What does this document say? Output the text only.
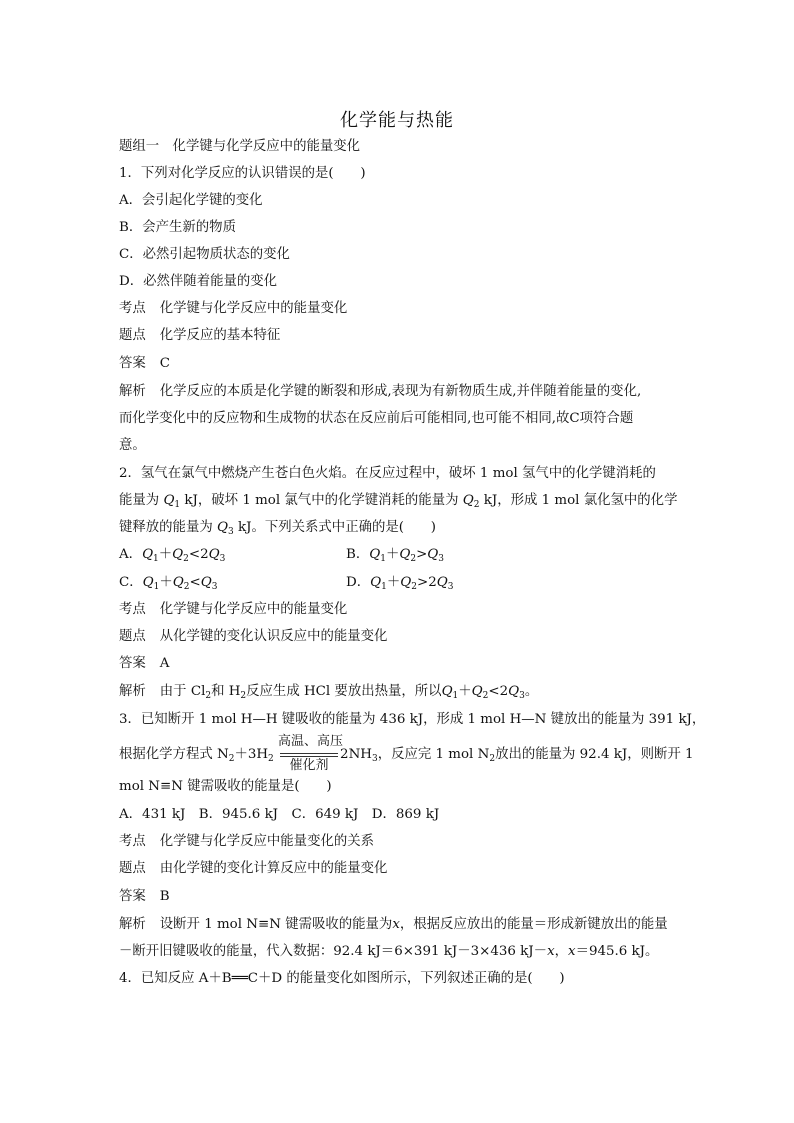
化学能与热能
题组一　化学键与化学反应中的能量变化
1．下列对化学反应的认识错误的是(　　)
A．会引起化学键的变化
B．会产生新的物质
C．必然引起物质状态的变化
D．必然伴随着能量的变化
考点 化学键与化学反应中的能量变化
题点 化学反应的基本特征
答案 C
解析 化学反应的本质是化学键的断裂和形成,表现为有新物质生成,并伴随着能量的变化,
而化学变化中的反应物和生成物的状态在反应前后可能相同,也可能不相同,故C项符合题
意。
2．氢气在氯气中燃烧产生苍白色火焰。在反应过程中，破坏 1 mol 氢气中的化学键消耗的
能量为 $Q_1$ kJ，破坏 1 mol 氯气中的化学键消耗的能量为 $Q_2$ kJ，形成 1 mol 氯化氢中的化学
键释放的能量为 $Q_3$ kJ。下列关系式中正确的是(　　)
A．$Q_1+Q_2<2Q_3$	B．$Q_1+Q_2>Q_3$
C．$Q_1+Q_2<Q_3$	D．$Q_1+Q_2>2Q_3$
考点 化学键与化学反应中的能量变化
题点 从化学键的变化认识反应中的能量变化
答案 A
解析 由于 $Cl_2$和 $H_2$反应生成 HCl 要放出热量，所以$Q_1+Q_2<2Q_3$。
3．已知断开 1 mol H—H 键吸收的能量为 436 kJ，形成 1 mol H—N 键放出的能量为 391 kJ，
根据化学方程式 $N_2+3H_2$
高温、高压
催化剂
$2NH_3$，反应完 1 mol $N_2$放出的能量为 92.4 kJ，则断开 1
mol N≡N 键需吸收的能量是(　　)
A．431 kJ　B．945.6 kJ　C．649 kJ　D．869 kJ
考点 化学键与化学反应中能量变化的关系
题点 由化学键的变化计算反应中的能量变化
答案 B
解析 设断开 1 mol N≡N 键需吸收的能量为x，根据反应放出的能量＝形成新键放出的能量
－断开旧键吸收的能量，代入数据：92.4 kJ＝6×391 kJ－3×436 kJ－x，x＝945.6 kJ。
4．已知反应 A＋B══C＋D 的能量变化如图所示，下列叙述正确的是(　　)
